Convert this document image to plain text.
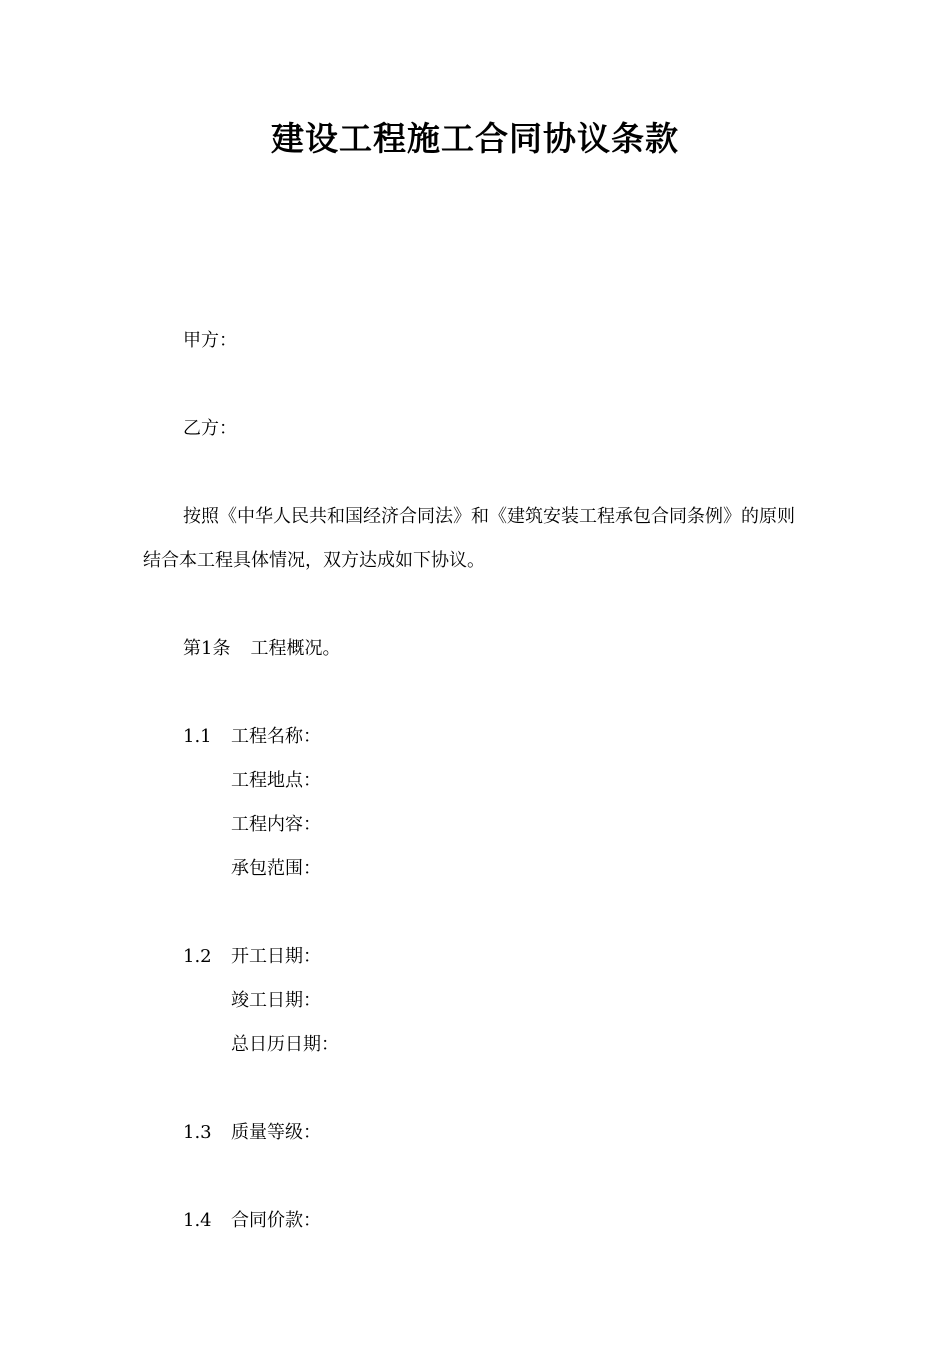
建设工程施工合同协议条款
甲方：
乙方：
按照《中华人民共和国经济合同法》和《建筑安装工程承包合同条例》的原则
结合本工程具体情况，双方达成如下协议。
第1条 工程概况。
1.1 工程名称：
工程地点：
工程内容：
承包范围：
1.2 开工日期：
竣工日期：
总日历日期：
1.3 质量等级：
1.4 合同价款：
